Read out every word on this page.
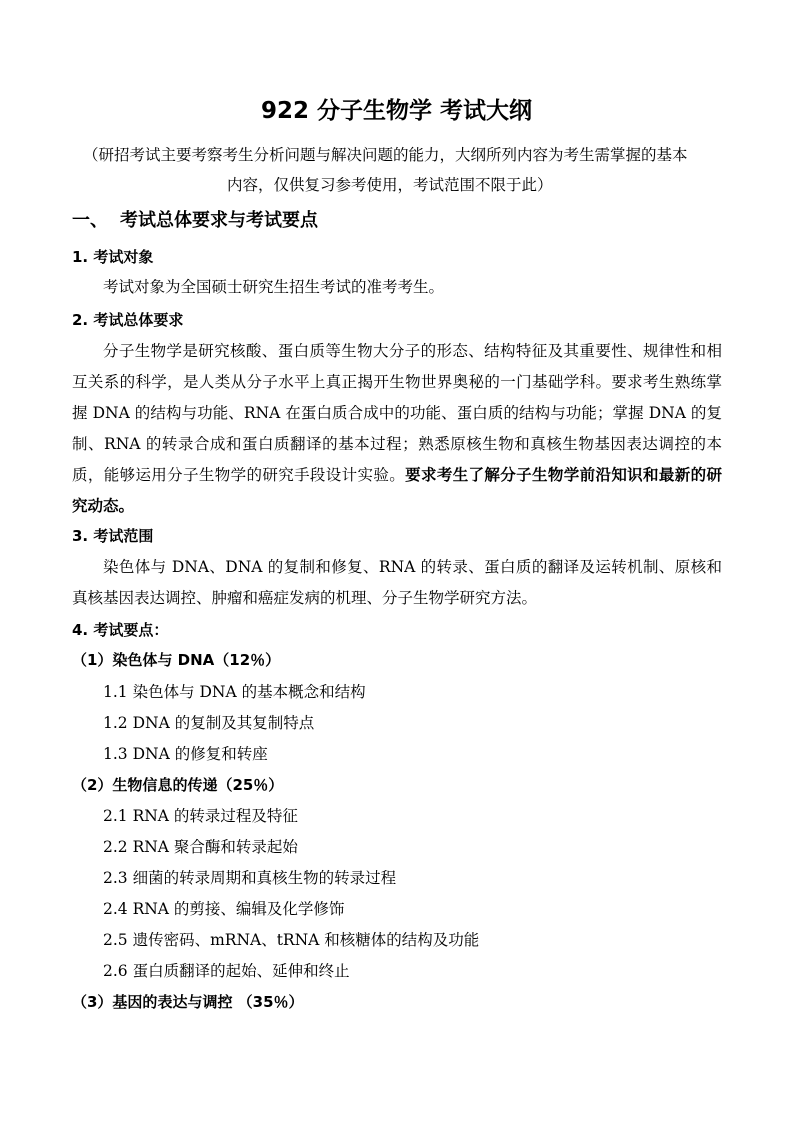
922 分子生物学 考试大纲
（研招考试主要考察考生分析问题与解决问题的能力，大纲所列内容为考生需掌握的基本
内容，仅供复习参考使用，考试范围不限于此）
一、 考试总体要求与考试要点
1. 考试对象
考试对象为全国硕士研究生招生考试的准考考生。
2. 考试总体要求
分子生物学是研究核酸、蛋白质等生物大分子的形态、结构特征及其重要性、规律性和相互关系的科学，是人类从分子水平上真正揭开生物世界奥秘的一门基础学科。要求考生熟练掌握 DNA 的结构与功能、RNA 在蛋白质合成中的功能、蛋白质的结构与功能；掌握 DNA 的复制、RNA 的转录合成和蛋白质翻译的基本过程；熟悉原核生物和真核生物基因表达调控的本质，能够运用分子生物学的研究手段设计实验。要求考生了解分子生物学前沿知识和最新的研究动态。
3. 考试范围
染色体与 DNA、DNA 的复制和修复、RNA 的转录、蛋白质的翻译及运转机制、原核和真核基因表达调控、肿瘤和癌症发病的机理、分子生物学研究方法。
4. 考试要点：
（1）染色体与 DNA（12％）
1.1 染色体与 DNA 的基本概念和结构
1.2 DNA 的复制及其复制特点
1.3 DNA 的修复和转座
（2）生物信息的传递（25％）
2.1 RNA 的转录过程及特征
2.2 RNA 聚合酶和转录起始
2.3 细菌的转录周期和真核生物的转录过程
2.4 RNA 的剪接、编辑及化学修饰
2.5 遗传密码、mRNA、tRNA 和核糖体的结构及功能
2.6 蛋白质翻译的起始、延伸和终止
（3）基因的表达与调控 （35％）
